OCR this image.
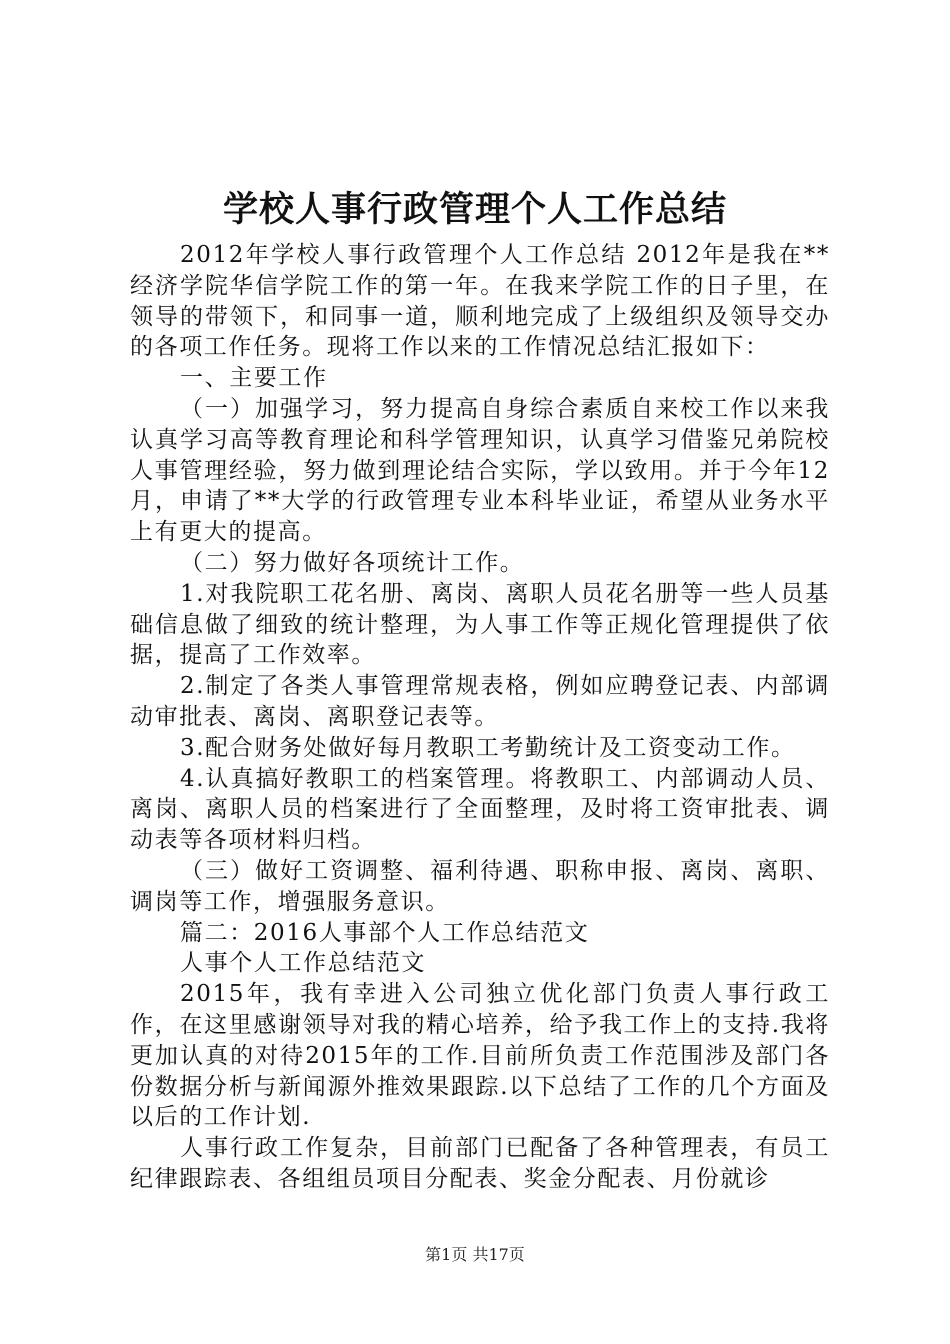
学校人事行政管理个人工作总结

2012年学校人事行政管理个人工作总结 2012年是我在**经济学院华信学院工作的第一年。在我来学院工作的日子里，在领导的带领下，和同事一道，顺利地完成了上级组织及领导交办的各项工作任务。现将工作以来的工作情况总结汇报如下：

一、主要工作

（一）加强学习，努力提高自身综合素质自来校工作以来我认真学习高等教育理论和科学管理知识，认真学习借鉴兄弟院校人事管理经验，努力做到理论结合实际，学以致用。并于今年12月，申请了**大学的行政管理专业本科毕业证，希望从业务水平上有更大的提高。

（二）努力做好各项统计工作。

1.对我院职工花名册、离岗、离职人员花名册等一些人员基础信息做了细致的统计整理，为人事工作等正规化管理提供了依据，提高了工作效率。

2.制定了各类人事管理常规表格，例如应聘登记表、内部调动审批表、离岗、离职登记表等。

3.配合财务处做好每月教职工考勤统计及工资变动工作。

4.认真搞好教职工的档案管理。将教职工、内部调动人员、离岗、离职人员的档案进行了全面整理，及时将工资审批表、调动表等各项材料归档。

（三）做好工资调整、福利待遇、职称申报、离岗、离职、调岗等工作，增强服务意识。

篇二：2016人事部个人工作总结范文

人事个人工作总结范文

2015年，我有幸进入公司独立优化部门负责人事行政工作，在这里感谢领导对我的精心培养，给予我工作上的支持.我将更加认真的对待2015年的工作.目前所负责工作范围涉及部门各份数据分析与新闻源外推效果跟踪.以下总结了工作的几个方面及以后的工作计划.

人事行政工作复杂，目前部门已配备了各种管理表，有员工纪律跟踪表、各组组员项目分配表、奖金分配表、月份就诊

第1页 共17页
